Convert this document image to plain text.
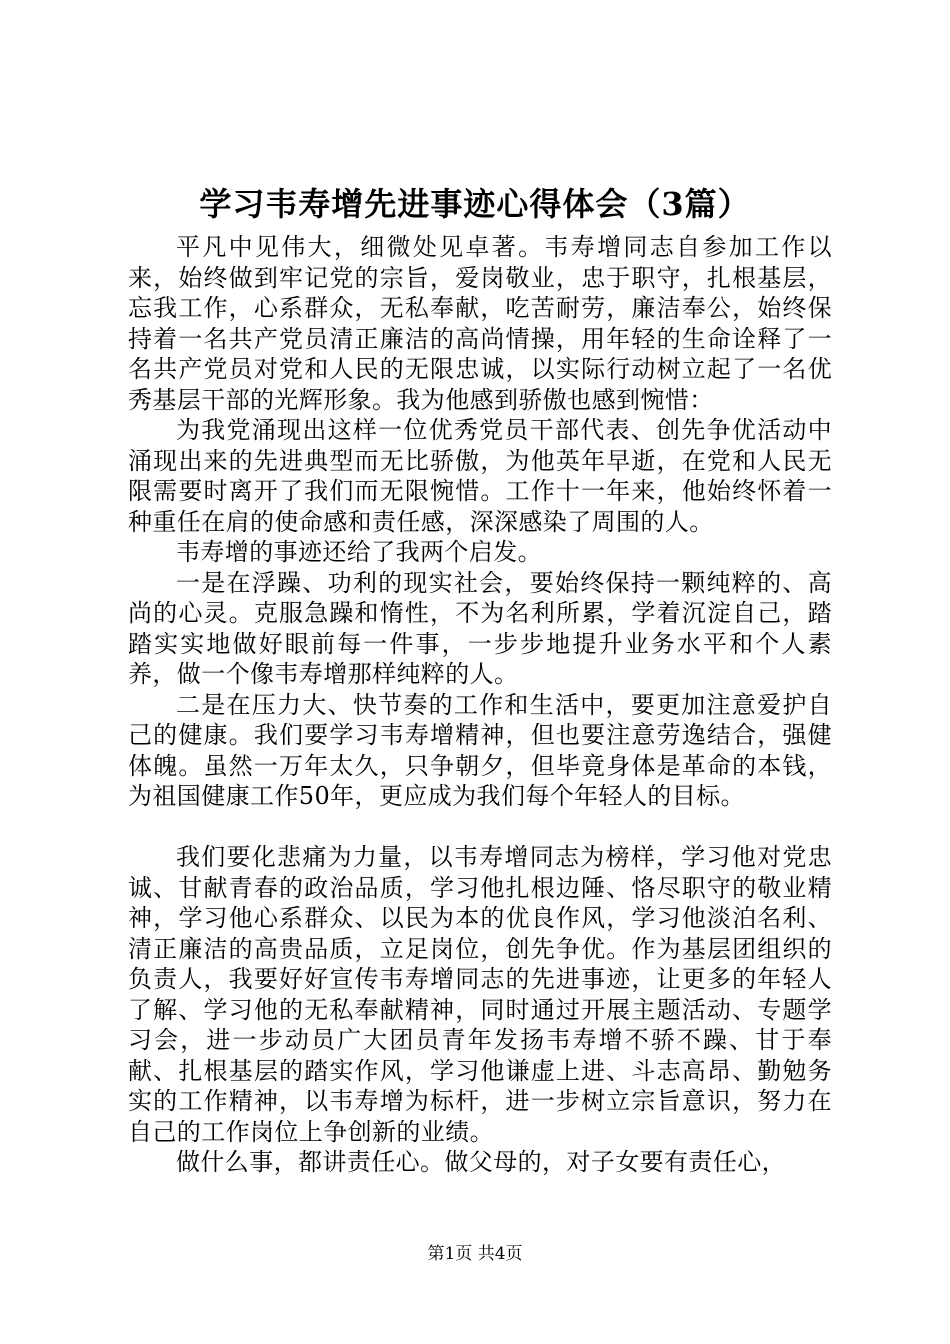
学习韦寿增先进事迹心得体会（3篇）

平凡中见伟大，细微处见卓著。韦寿增同志自参加工作以来，始终做到牢记党的宗旨，爱岗敬业，忠于职守，扎根基层，忘我工作，心系群众，无私奉献，吃苦耐劳，廉洁奉公，始终保持着一名共产党员清正廉洁的高尚情操，用年轻的生命诠释了一名共产党员对党和人民的无限忠诚，以实际行动树立起了一名优秀基层干部的光辉形象。我为他感到骄傲也感到惋惜：

为我党涌现出这样一位优秀党员干部代表、创先争优活动中涌现出来的先进典型而无比骄傲，为他英年早逝，在党和人民无限需要时离开了我们而无限惋惜。工作十一年来，他始终怀着一种重任在肩的使命感和责任感，深深感染了周围的人。

韦寿增的事迹还给了我两个启发。

一是在浮躁、功利的现实社会，要始终保持一颗纯粹的、高尚的心灵。克服急躁和惰性，不为名利所累，学着沉淀自己，踏踏实实地做好眼前每一件事，一步步地提升业务水平和个人素养，做一个像韦寿增那样纯粹的人。

二是在压力大、快节奏的工作和生活中，要更加注意爱护自己的健康。我们要学习韦寿增精神，但也要注意劳逸结合，强健体魄。虽然一万年太久，只争朝夕，但毕竟身体是革命的本钱，为祖国健康工作50年，更应成为我们每个年轻人的目标。

我们要化悲痛为力量，以韦寿增同志为榜样，学习他对党忠诚、甘献青春的政治品质，学习他扎根边陲、恪尽职守的敬业精神，学习他心系群众、以民为本的优良作风，学习他淡泊名利、清正廉洁的高贵品质，立足岗位，创先争优。作为基层团组织的负责人，我要好好宣传韦寿增同志的先进事迹，让更多的年轻人了解、学习他的无私奉献精神，同时通过开展主题活动、专题学习会，进一步动员广大团员青年发扬韦寿增不骄不躁、甘于奉献、扎根基层的踏实作风，学习他谦虚上进、斗志高昂、勤勉务实的工作精神，以韦寿增为标杆，进一步树立宗旨意识，努力在自己的工作岗位上争创新的业绩。

做什么事，都讲责任心。做父母的，对子女要有责任心，

第1页 共4页
